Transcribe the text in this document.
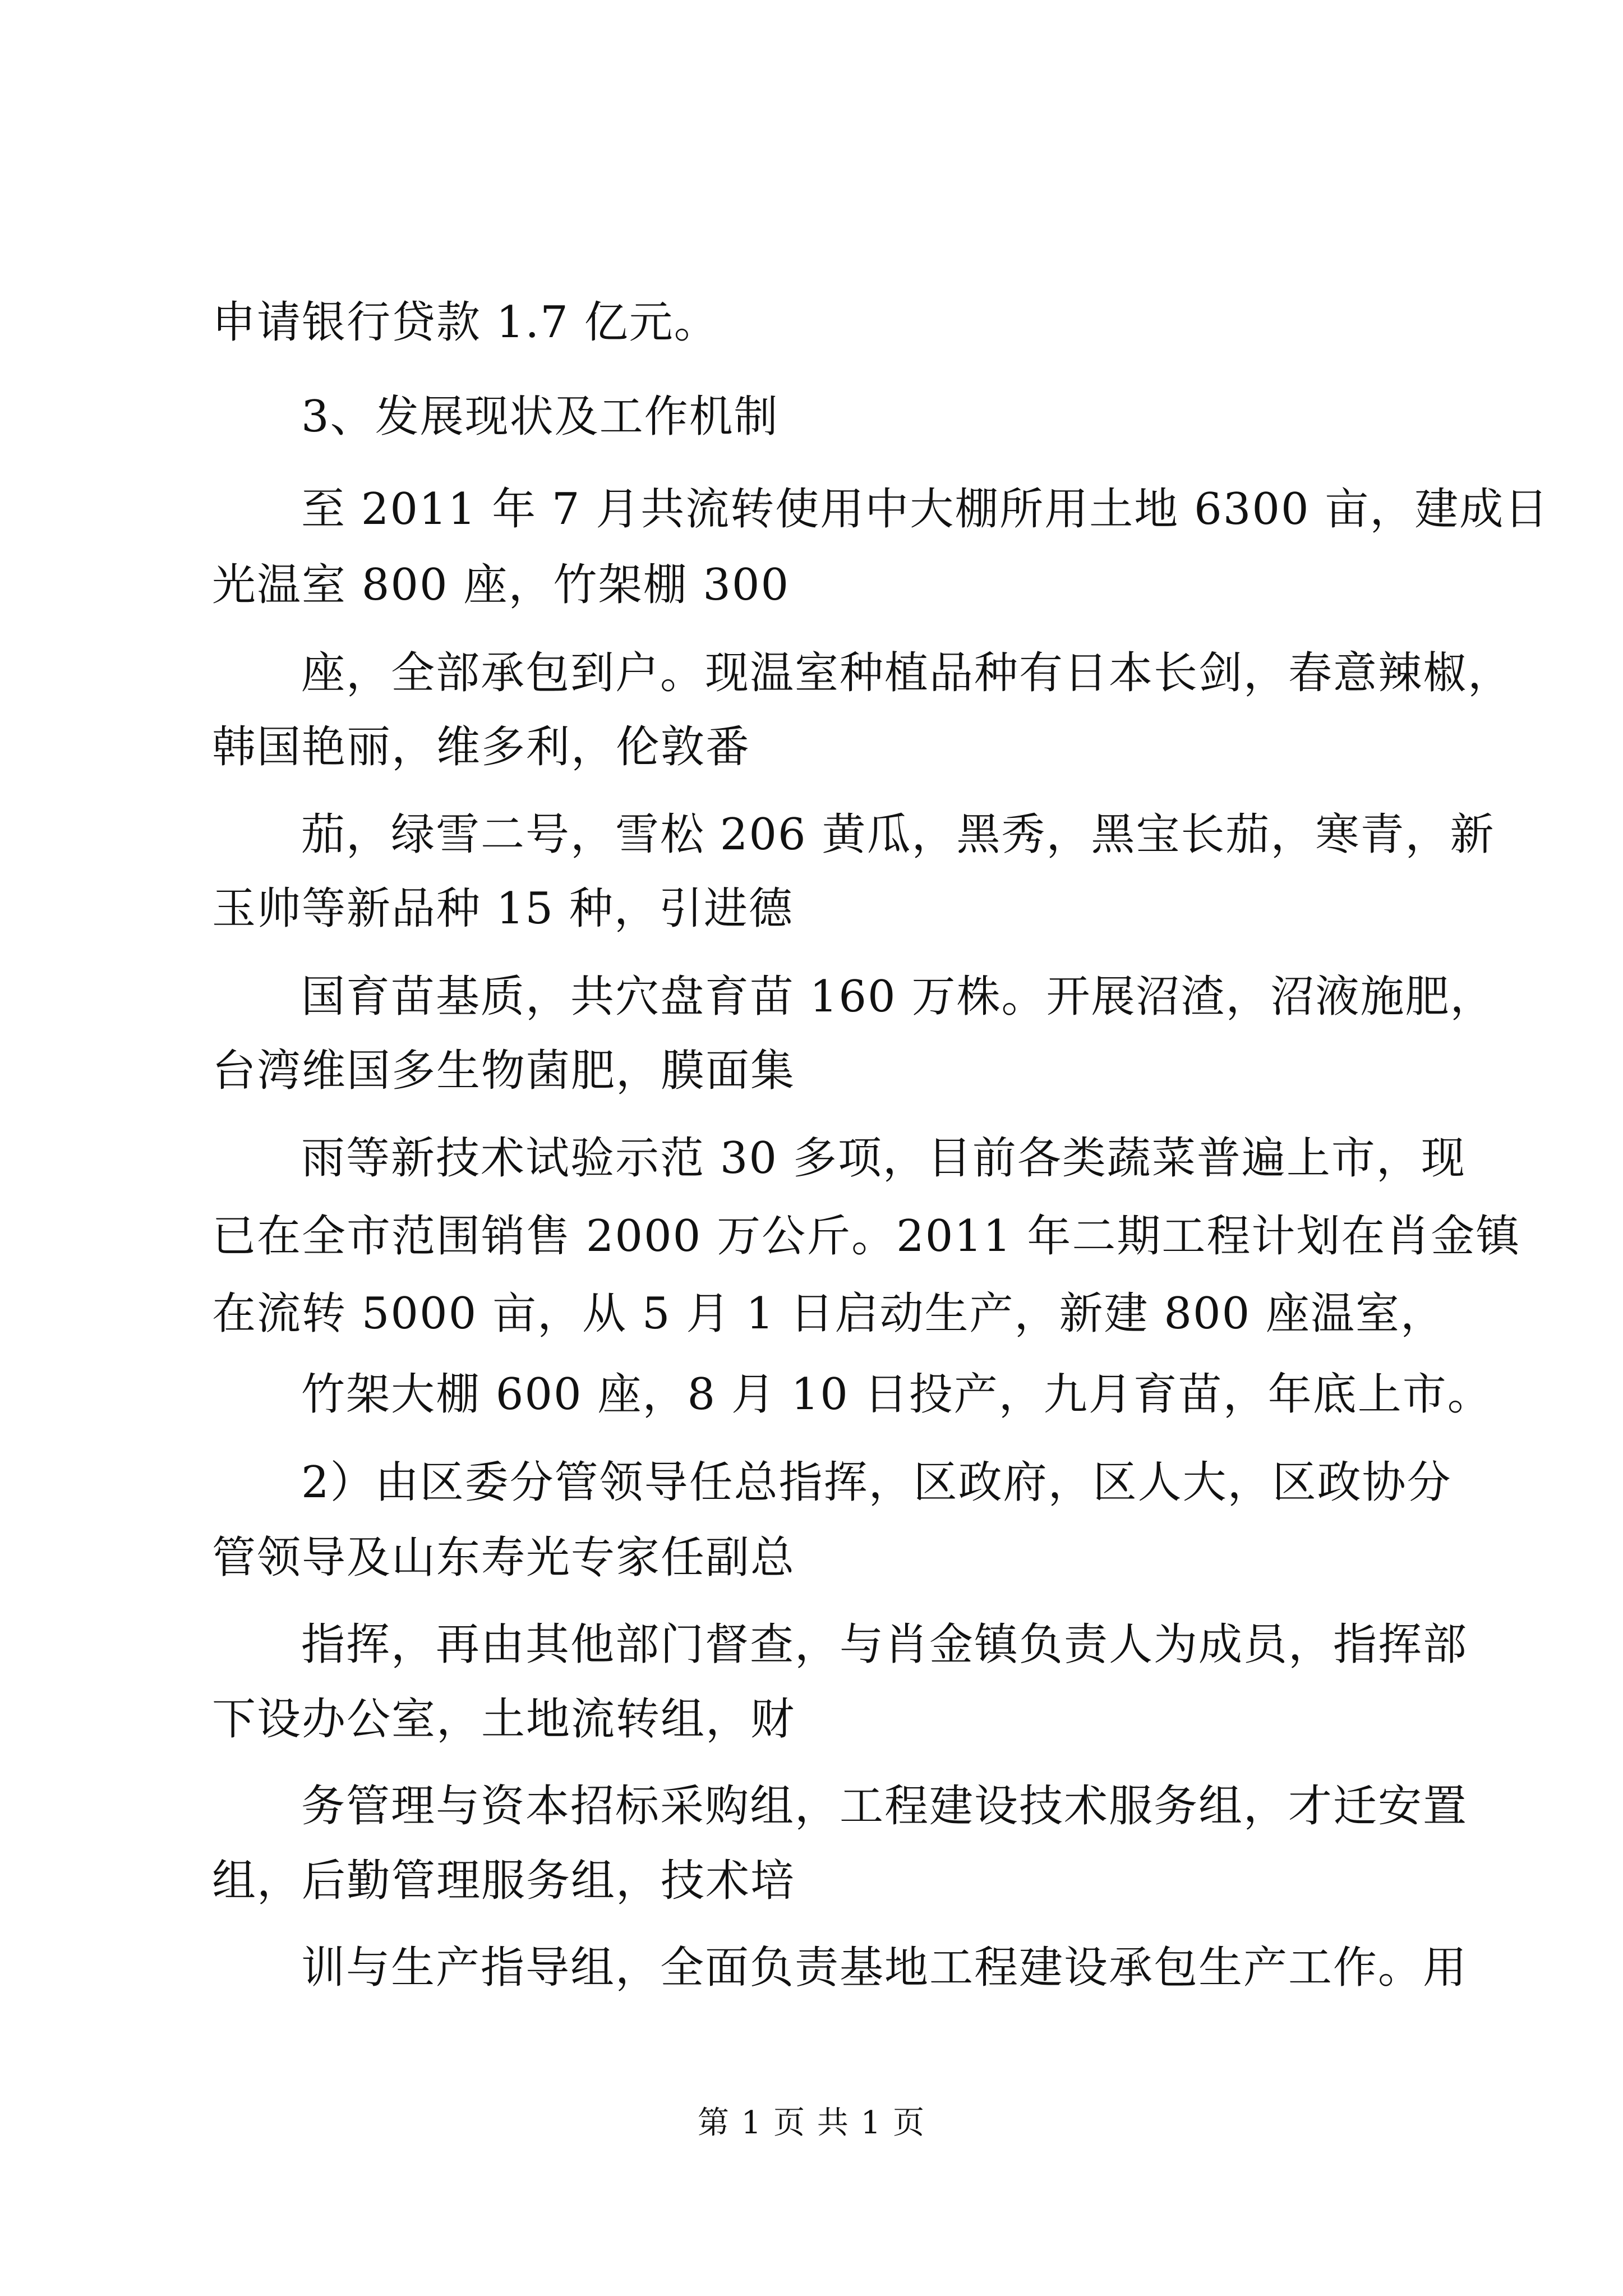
申请银行贷款 1.7 亿元。
3、发展现状及工作机制
至 2011 年 7 月共流转使用中大棚所用土地 6300 亩，建成日
光温室 800 座，竹架棚 300
座，全部承包到户。现温室种植品种有日本长剑，春意辣椒，
韩国艳丽，维多利，伦敦番
茄，绿雪二号，雪松 206 黄瓜，黑秀，黑宝长茄，寒青，新
玉帅等新品种 15 种，引进德
国育苗基质，共穴盘育苗 160 万株。开展沼渣，沼液施肥，
台湾维国多生物菌肥，膜面集
雨等新技术试验示范 30 多项，目前各类蔬菜普遍上市，现
已在全市范围销售 2000 万公斤。2011 年二期工程计划在肖金镇
在流转 5000 亩，从 5 月 1 日启动生产，新建 800 座温室，
竹架大棚 600 座，8 月 10 日投产，九月育苗，年底上市。
2）由区委分管领导任总指挥，区政府，区人大，区政协分
管领导及山东寿光专家任副总
指挥，再由其他部门督查，与肖金镇负责人为成员，指挥部
下设办公室，土地流转组，财
务管理与资本招标采购组，工程建设技术服务组，才迁安置
组，后勤管理服务组，技术培
训与生产指导组，全面负责基地工程建设承包生产工作。用
第 1 页 共 1 页
